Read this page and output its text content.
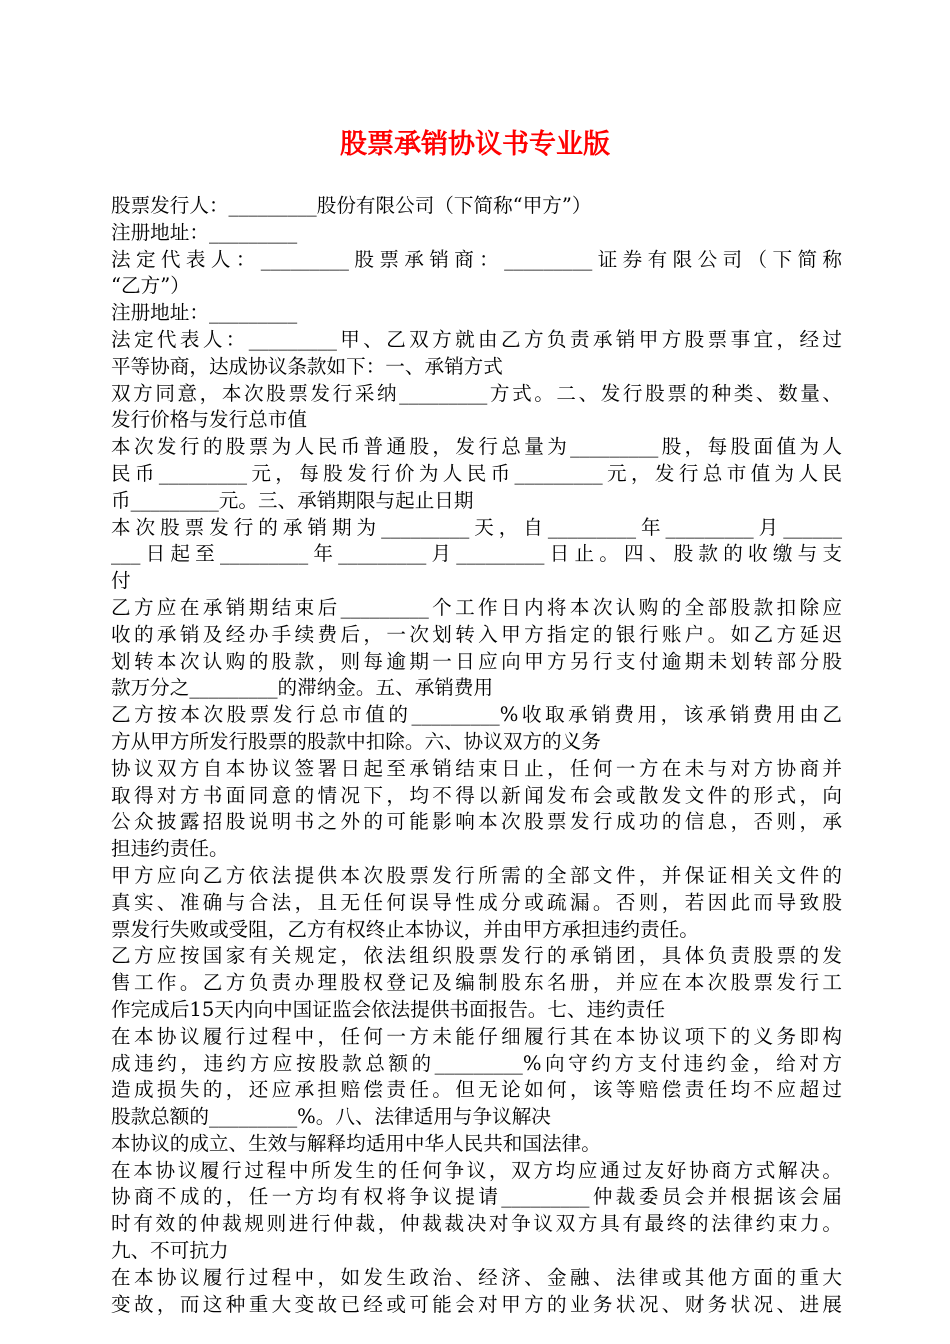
股票承销协议书专业版
股票发行人：_________股份有限公司（下简称“甲方”）
注册地址：_________
法定代表人：_________股票承销商：_________证券有限公司（下简称
“乙方”）
注册地址：_________
法定代表人：_________甲、乙双方就由乙方负责承销甲方股票事宜，经过
平等协商，达成协议条款如下：一、承销方式
双方同意，本次股票发行采纳_________方式。二、发行股票的种类、数量、
发行价格与发行总市值
本次发行的股票为人民币普通股，发行总量为_________股，每股面值为人
民币_________元，每股发行价为人民币_________元，发行总市值为人民
币_________元。三、承销期限与起止日期
本次股票发行的承销期为_________天，自_________年_________月______
___日起至_________年_________月_________日止。四、股款的收缴与支
付
乙方应在承销期结束后_________个工作日内将本次认购的全部股款扣除应
收的承销及经办手续费后，一次划转入甲方指定的银行账户。如乙方延迟
划转本次认购的股款，则每逾期一日应向甲方另行支付逾期未划转部分股
款万分之_________的滞纳金。五、承销费用
乙方按本次股票发行总市值的_________%收取承销费用，该承销费用由乙
方从甲方所发行股票的股款中扣除。六、协议双方的义务
协议双方自本协议签署日起至承销结束日止，任何一方在未与对方协商并
取得对方书面同意的情况下，均不得以新闻发布会或散发文件的形式，向
公众披露招股说明书之外的可能影响本次股票发行成功的信息，否则，承
担违约责任。
甲方应向乙方依法提供本次股票发行所需的全部文件，并保证相关文件的
真实、准确与合法，且无任何误导性成分或疏漏。否则，若因此而导致股
票发行失败或受阻，乙方有权终止本协议，并由甲方承担违约责任。
乙方应按国家有关规定，依法组织股票发行的承销团，具体负责股票的发
售工作。乙方负责办理股权登记及编制股东名册，并应在本次股票发行工
作完成后15天内向中国证监会依法提供书面报告。七、违约责任
在本协议履行过程中，任何一方未能仔细履行其在本协议项下的义务即构
成违约，违约方应按股款总额的_________%向守约方支付违约金，给对方
造成损失的，还应承担赔偿责任。但无论如何，该等赔偿责任均不应超过
股款总额的_________%。八、法律适用与争议解决
本协议的成立、生效与解释均适用中华人民共和国法律。
在本协议履行过程中所发生的任何争议，双方均应通过友好协商方式解决。
协商不成的，任一方均有权将争议提请_________仲裁委员会并根据该会届
时有效的仲裁规则进行仲裁，仲裁裁决对争议双方具有最终的法律约束力。
九、不可抗力
在本协议履行过程中，如发生政治、经济、金融、法律或其他方面的重大
变故，而这种重大变故已经或可能会对甲方的业务状况、财务状况、进展
